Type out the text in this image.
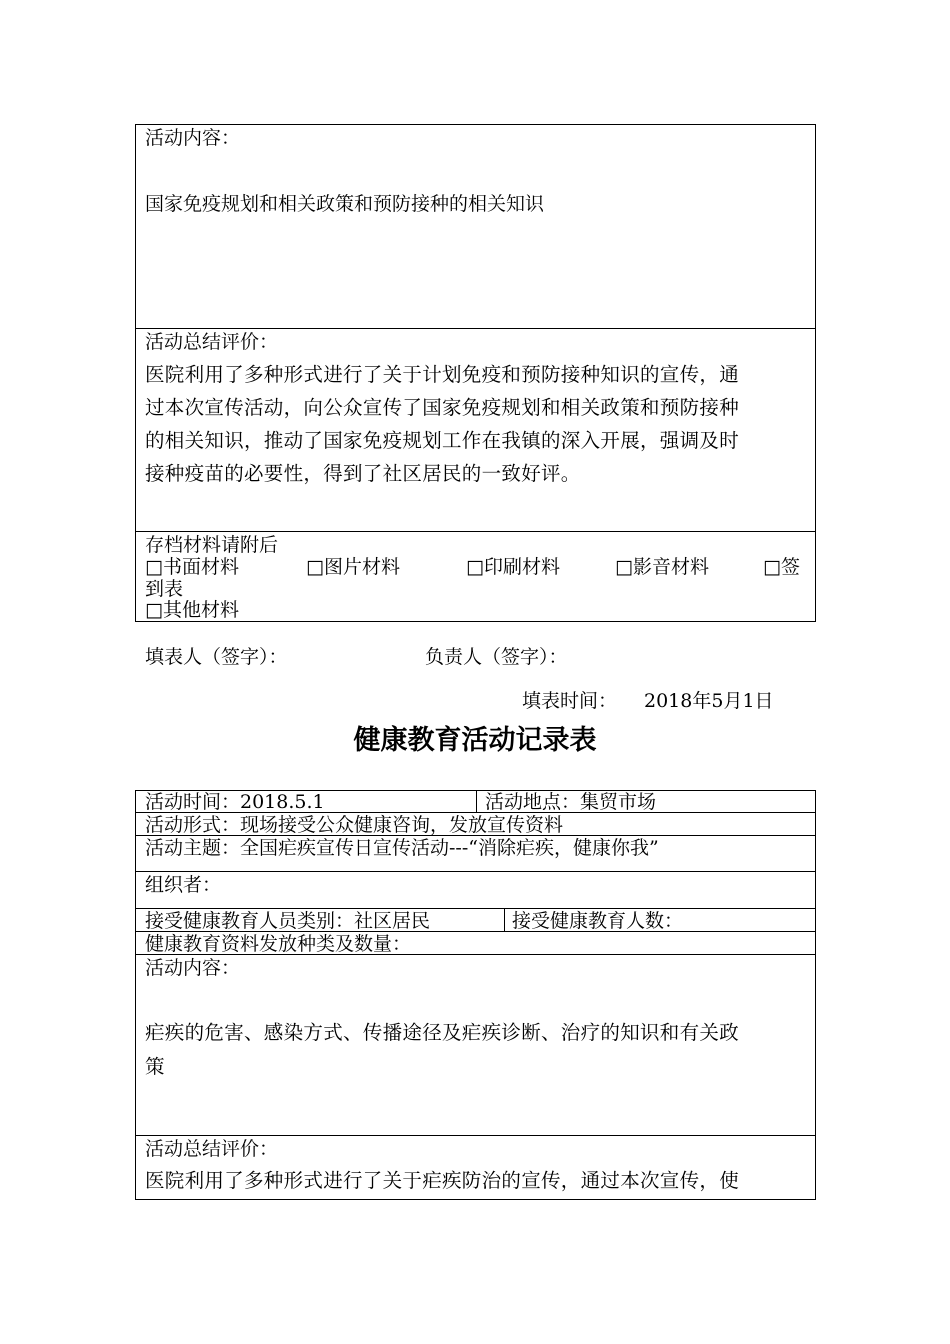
活动内容：
国家免疫规划和相关政策和预防接种的相关知识
活动总结评价：
医院利用了多种形式进行了关于计划免疫和预防接种知识的宣传，通
过本次宣传活动，向公众宣传了国家免疫规划和相关政策和预防接种
的相关知识，推动了国家免疫规划工作在我镇的深入开展，强调及时
接种疫苗的必要性，得到了社区居民的一致好评。
存档材料请附后
□书面材料	□图片材料	□印刷材料	□影音材料	□签
到表
□其他材料
填表人（签字）：	负责人（签字）：
填表时间： 2018年5月1日
健康教育活动记录表
活动时间：2018.5.1	活动地点：集贸市场
活动形式：现场接受公众健康咨询，发放宣传资料
活动主题：全国疟疾宣传日宣传活动---“消除疟疾，健康你我”
组织者：
接受健康教育人员类别：社区居民	接受健康教育人数：
健康教育资料发放种类及数量：
活动内容：
疟疾的危害、感染方式、传播途径及疟疾诊断、治疗的知识和有关政
策
活动总结评价：
医院利用了多种形式进行了关于疟疾防治的宣传，通过本次宣传，使
